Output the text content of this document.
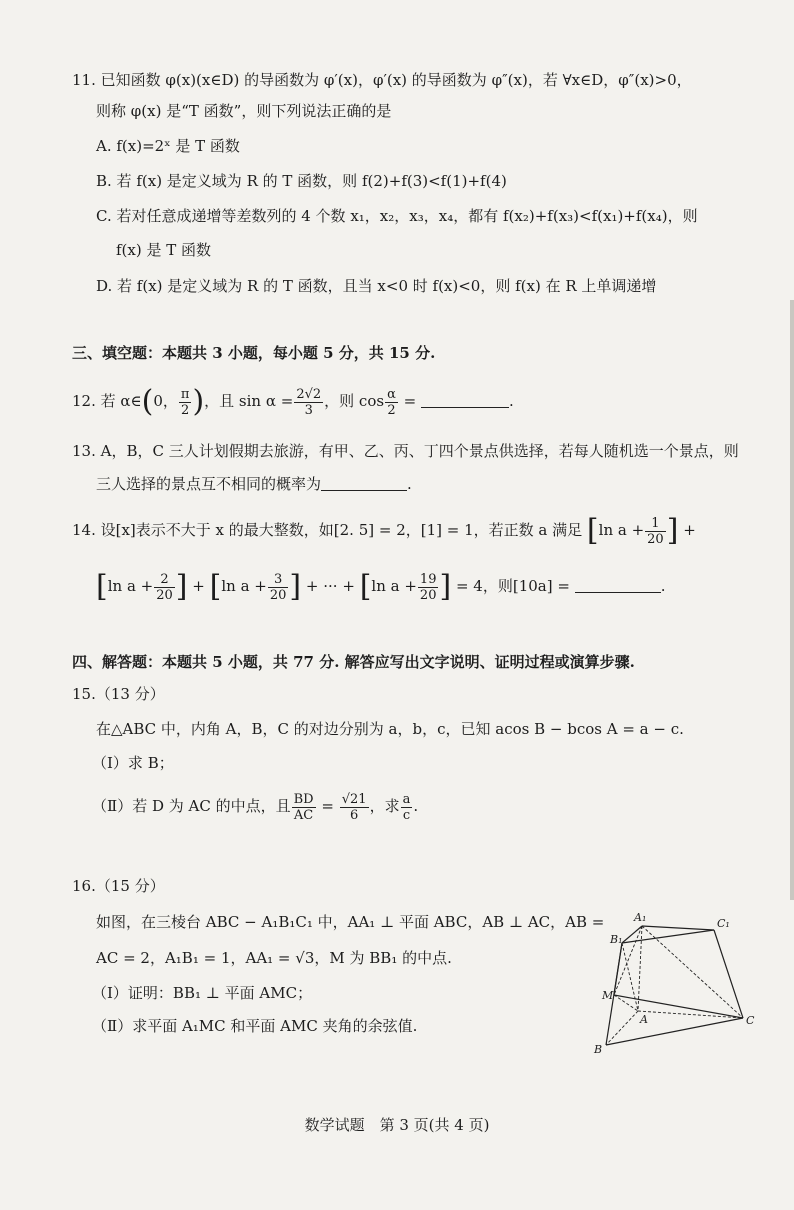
11. 已知函数 φ(x)(x∈D) 的导函数为 φ′(x)，φ′(x) 的导函数为 φ″(x)，若 ∀x∈D，φ″(x)>0，
则称 φ(x) 是“T 函数”，则下列说法正确的是
A. f(x)=2ˣ 是 T 函数
B. 若 f(x) 是定义域为 R 的 T 函数，则 f(2)+f(3)<f(1)+f(4)
C. 若对任意成递增等差数列的 4 个数 x₁，x₂，x₃，x₄，都有 f(x₂)+f(x₃)<f(x₁)+f(x₄)，则
f(x) 是 T 函数
D. 若 f(x) 是定义域为 R 的 T 函数，且当 x<0 时 f(x)<0，则 f(x) 在 R 上单调递增
三、填空题：本题共 3 小题，每小题 5 分，共 15 分.
12. 若 α∈(0， $\frac{\pi}{2}$ )，且 $\sin \alpha = \frac{2√2}{3}$ ，则 $\cos \frac{\alpha}{2}$ =	.
13. A，B，C 三人计划假期去旅游，有甲、乙、丙、丁四个景点供选择，若每人随机选一个景点，则
三人选择的景点互不相同的概率为	.
14. 设[x]表示不大于 x 的最大整数，如[2. 5] = 2，[1] = 1，若正数 a 满足 [ln $a + \frac{1}{20}$ ] +
[ln $a + \frac{2}{20}$ ] + [ln $a + \frac{3}{20}$ ] + ··· + [ln $a + \frac{19}{20}$ ] = 4，则[10a] =	.
四、解答题：本题共 5 小题，共 77 分. 解答应写出文字说明、证明过程或演算步骤.
15.（13 分）
在△ABC 中，内角 A，B，C 的对边分别为 a，b，c，已知 acos B − bcos A = a − c.
（Ⅰ）求 B；
（Ⅱ）若 D 为 AC 的中点，且 $\frac{BD}{AC} = \frac{√21}{6}$ ，求 $\frac{a}{c}$ .
16.（15 分）
如图，在三棱台 ABC − A₁B₁C₁ 中，AA₁ ⊥ 平面 ABC，AB ⊥ AC，AB =
AC = 2，A₁B₁ = 1，AA₁ = √3，M 为 BB₁ 的中点.
（Ⅰ）证明：BB₁ ⊥ 平面 AMC；
（Ⅱ）求平面 A₁MC 和平面 AMC 夹角的余弦值.
A₁	C₁
B₁
M
A	C
B
数学试题　第 3 页(共 4 页)
